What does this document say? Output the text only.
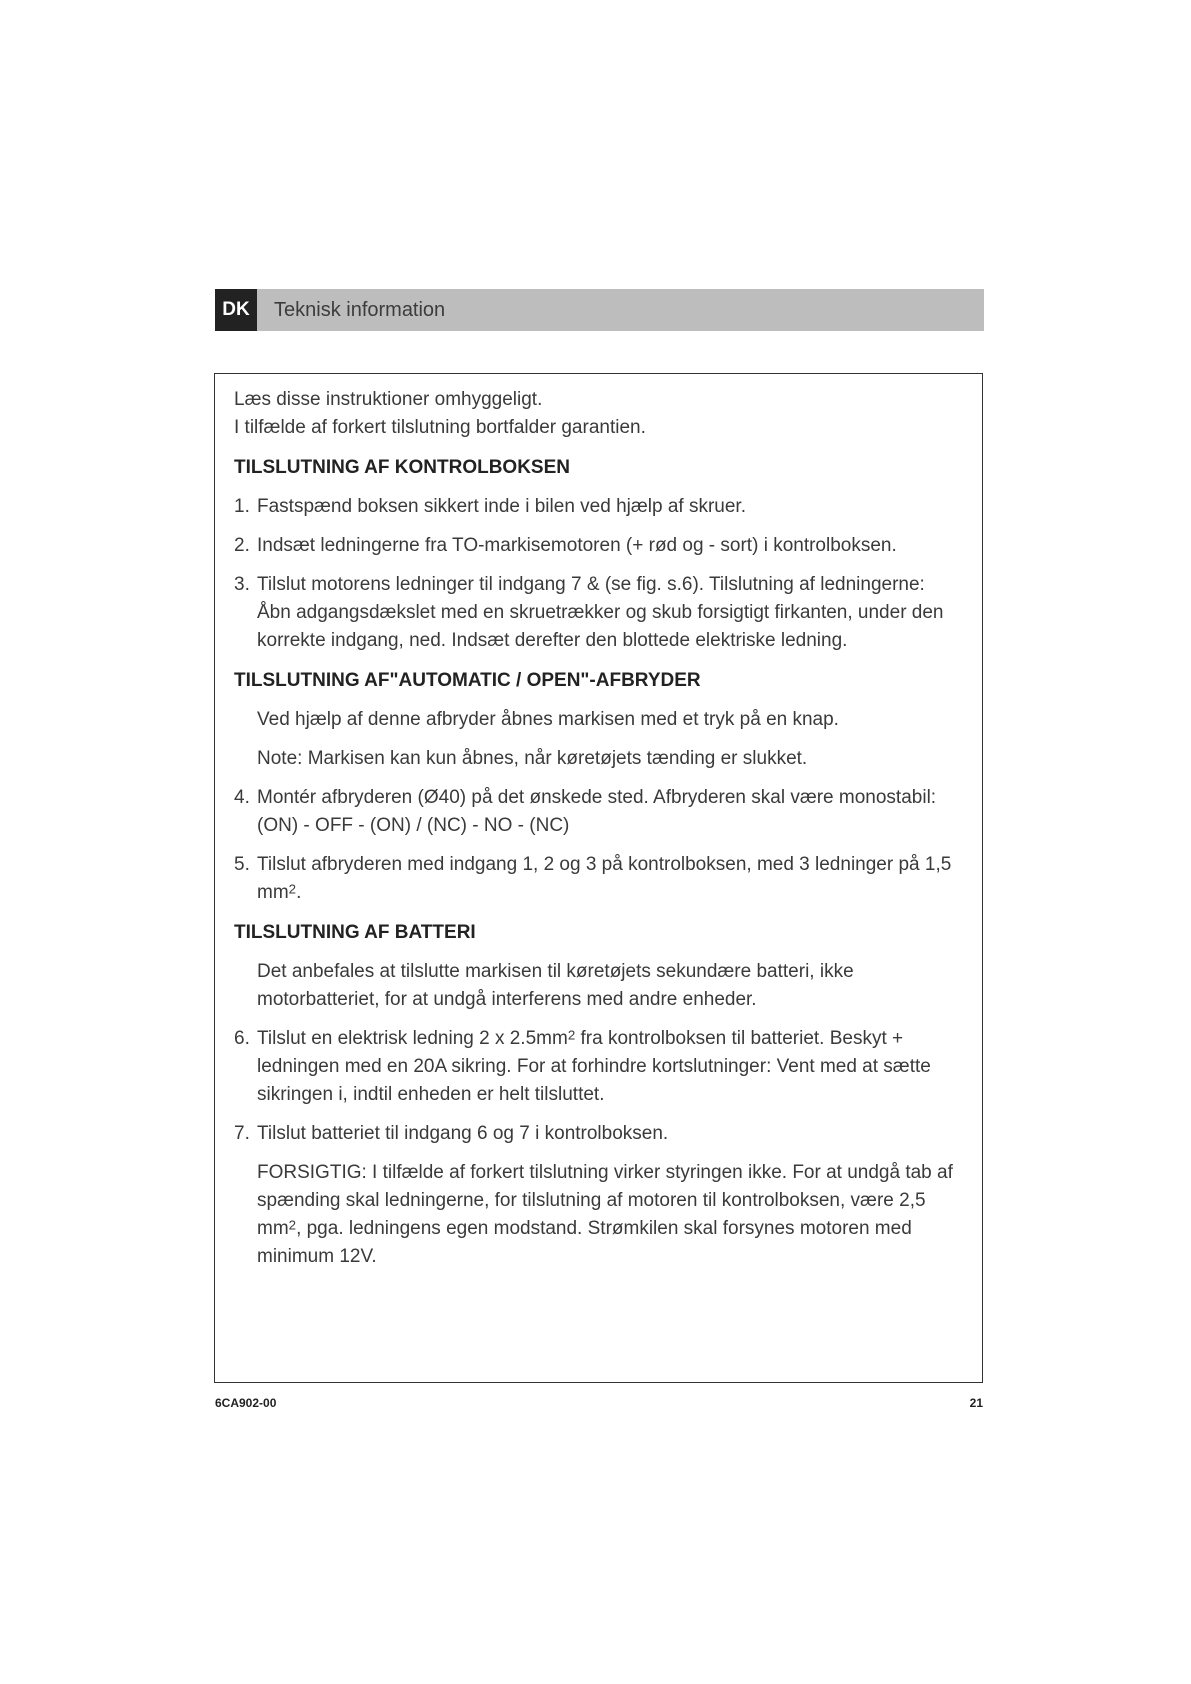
DK	Teknisk information

Læs disse instruktioner omhyggeligt.

I tilfælde af forkert tilslutning bortfalder garantien.

TILSLUTNING AF KONTROLBOKSEN
1. Fastspænd boksen sikkert inde i bilen ved hjælp af skruer.
2. Indsæt ledningerne fra TO-markisemotoren (+ rød og - sort) i kontrolboksen.
3. Tilslut motorens ledninger til indgang 7 & (se fig. s.6). Tilslutning af ledningerne: Åbn adgangsdækslet med en skruetrækker og skub forsigtigt firkanten, under den korrekte indgang, ned. Indsæt derefter den blottede elektriske ledning.
TILSLUTNING AF"AUTOMATIC / OPEN"-AFBRYDER

Ved hjælp af denne afbryder åbnes markisen med et tryk på en knap.

Note: Markisen kan kun åbnes, når køretøjets tænding er slukket.

4. Montér afbryderen (Ø40) på det ønskede sted. Afbryderen skal være monostabil: (ON) - OFF - (ON) / (NC) - NO - (NC)
5. Tilslut afbryderen med indgang 1, 2 og 3 på kontrolboksen, med 3 ledninger på 1,5 $mm^2$.
TILSLUTNING AF BATTERI

Det anbefales at tilslutte markisen til køretøjets sekundære batteri, ikke motorbatteriet, for at undgå interferens med andre enheder.

6. Tilslut en elektrisk ledning 2 x $2.5mm^2$ fra kontrolboksen til batteriet. Beskyt + ledningen med en 20A sikring. For at forhindre kortslutninger: Vent med at sætte sikringen i, indtil enheden er helt tilsluttet.
7. Tilslut batteriet til indgang 6 og 7 i kontrolboksen.

FORSIGTIG: I tilfælde af forkert tilslutning virker styringen ikke. For at undgå tab af spænding skal ledningerne, for tilslutning af motoren til kontrolboksen, være 2,5 $mm^2$, pga. ledningens egen modstand. Strømkilen skal forsynes motoren med minimum 12V.

6CA902-00	21
